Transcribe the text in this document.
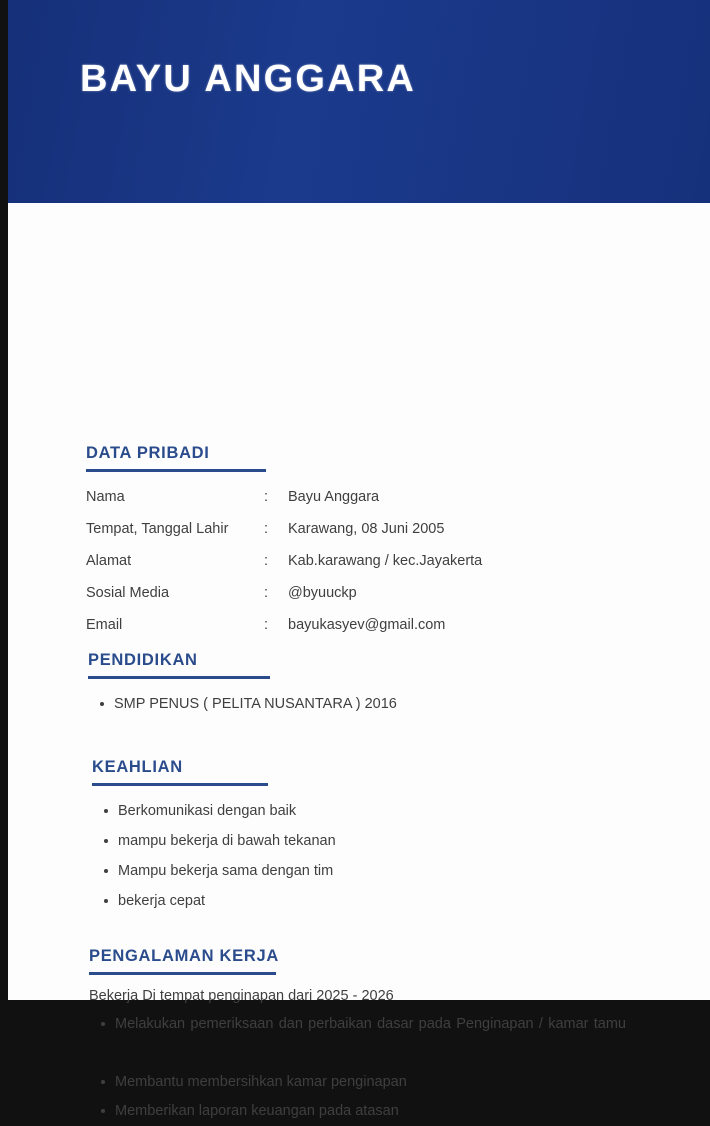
BAYU ANGGARA
DATA PRIBADI
Nama	:	Bayu Anggara
Tempat, Tanggal Lahir	:	Karawang, 08 Juni 2005
Alamat	:	Kab.karawang / kec.Jayakerta
Sosial Media	:	@byuuckp
Email	:	bayukasyev@gmail.com
PENDIDIKAN
SMP PENUS ( PELITA NUSANTARA ) 2016
KEAHLIAN
Berkomunikasi dengan baik
mampu bekerja di bawah tekanan
Mampu bekerja sama dengan tim
bekerja cepat
PENGALAMAN KERJA
Bekerja Di tempat penginapan dari 2025 - 2026
Melakukan pemeriksaan dan perbaikan dasar pada Penginapan / kamar tamu
Membantu membersihkan kamar penginapan
Memberikan laporan keuangan pada atasan
